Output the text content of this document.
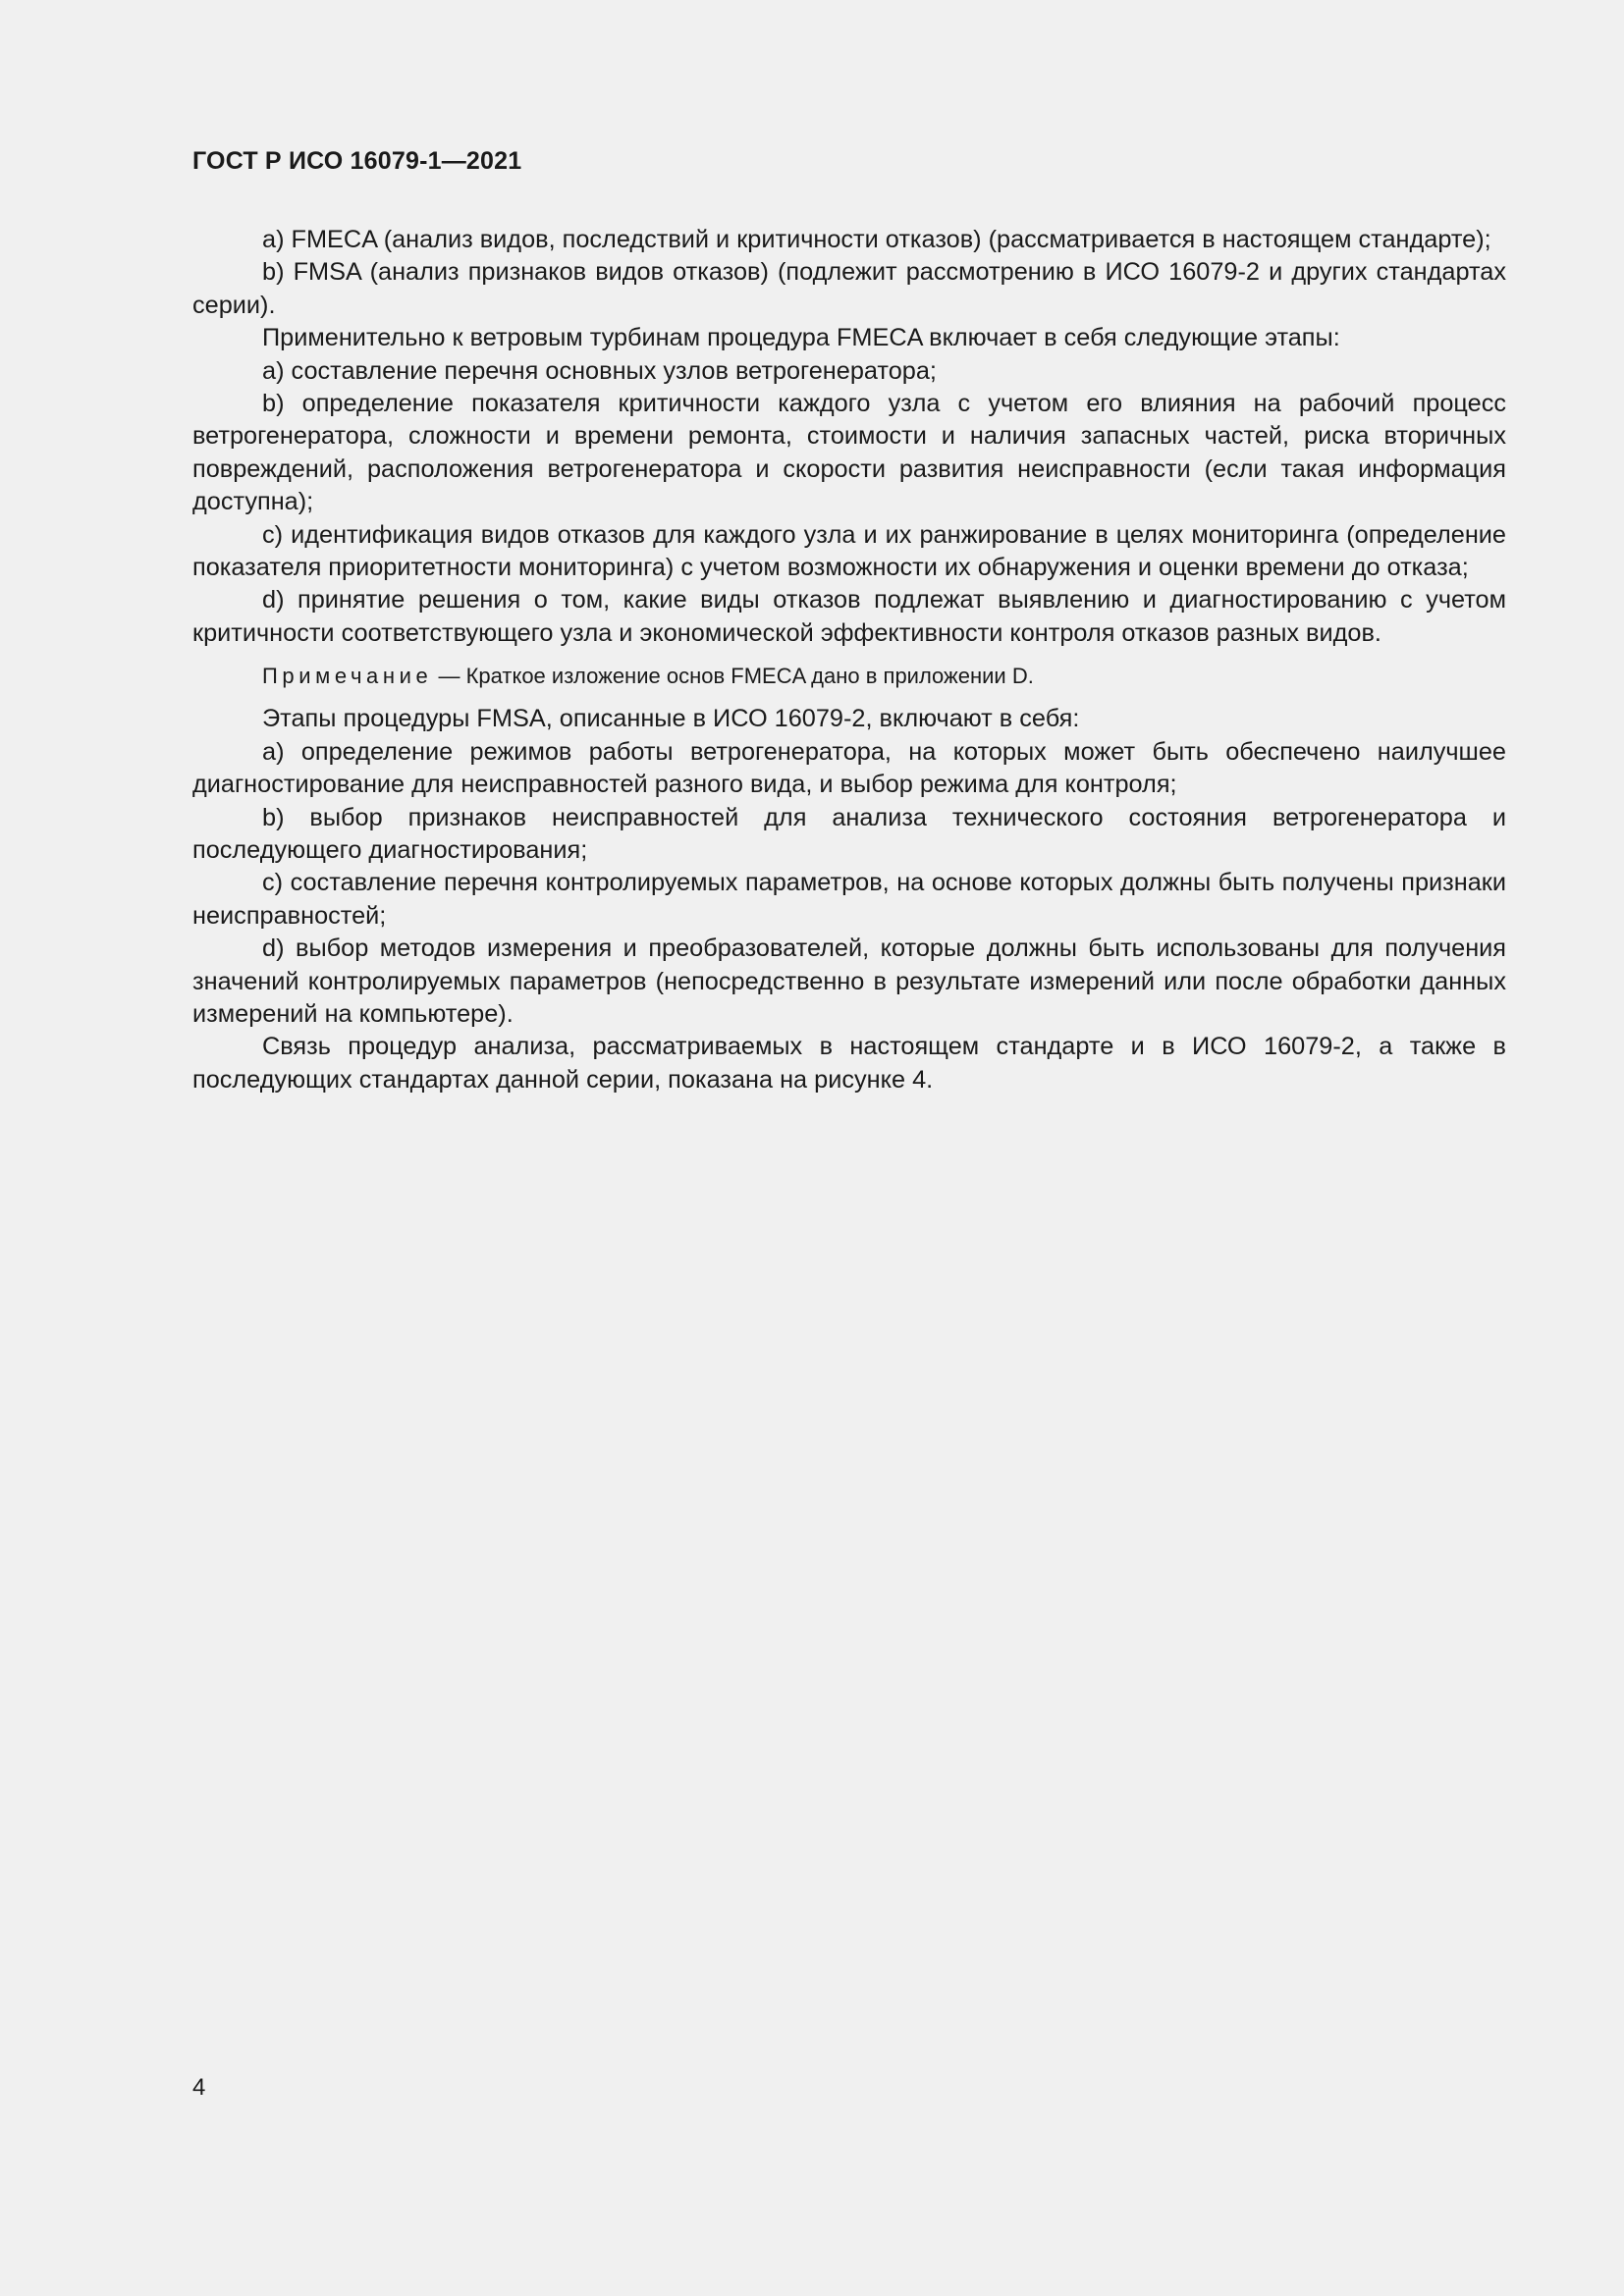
ГОСТ Р ИСО 16079-1—2021

a) FMECA (анализ видов, последствий и критичности отказов) (рассматривается в настоящем стандарте);

b) FMSA (анализ признаков видов отказов) (подлежит рассмотрению в ИСО 16079-2 и других стандартах серии).

Применительно к ветровым турбинам процедура FMECA включает в себя следующие этапы:

a) составление перечня основных узлов ветрогенератора;

b) определение показателя критичности каждого узла с учетом его влияния на рабочий процесс ветрогенератора, сложности и времени ремонта, стоимости и наличия запасных частей, риска вторичных повреждений, расположения ветрогенератора и скорости развития неисправности (если такая информация доступна);

c) идентификация видов отказов для каждого узла и их ранжирование в целях мониторинга (определение показателя приоритетности мониторинга) с учетом возможности их обнаружения и оценки времени до отказа;

d) принятие решения о том, какие виды отказов подлежат выявлению и диагностированию с учетом критичности соответствующего узла и экономической эффективности контроля отказов разных видов.

Примечание — Краткое изложение основ FMECA дано в приложении D.

Этапы процедуры FMSA, описанные в ИСО 16079-2, включают в себя:

a) определение режимов работы ветрогенератора, на которых может быть обеспечено наилучшее диагностирование для неисправностей разного вида, и выбор режима для контроля;

b) выбор признаков неисправностей для анализа технического состояния ветрогенератора и последующего диагностирования;

c) составление перечня контролируемых параметров, на основе которых должны быть получены признаки неисправностей;

d) выбор методов измерения и преобразователей, которые должны быть использованы для получения значений контролируемых параметров (непосредственно в результате измерений или после обработки данных измерений на компьютере).

Связь процедур анализа, рассматриваемых в настоящем стандарте и в ИСО 16079-2, а также в последующих стандартах данной серии, показана на рисунке 4.

4
